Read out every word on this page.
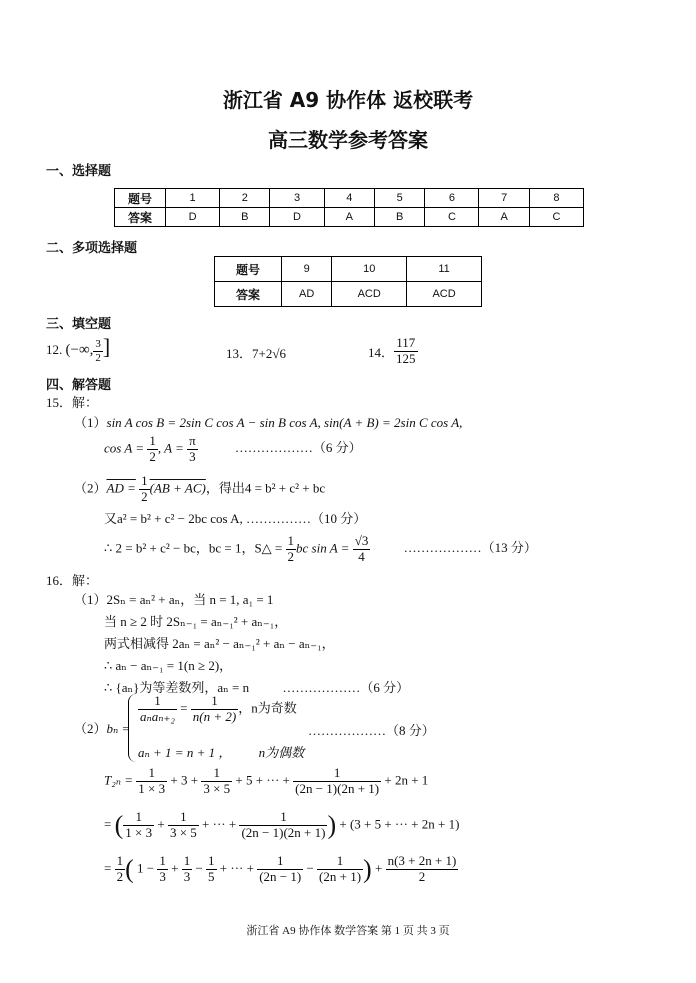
浙江省 A9 协作体 返校联考
高三数学参考答案
一、选择题
题号	1	2	3	4	5	6	7	8
答案	D	B	D	A	B	C	A	C
二、多项选择题
题号	9	10	11
答案	AD	ACD	ACD
三、填空题
12. (−∞, $\frac{3}{2}$ ]	13．7+2√6	14． $\frac{117}{125}$
四、解答题
15．解：
（1）sin A cos B = 2sin C cos A − sin B cos A, sin(A + B) = 2sin C cos A,
$\cos A = \frac{1}{2}$ , $A = \frac{\pi}{3}$	………………（6 分）
$(2)AD = \frac{1}{2} (AB + AC)$，得出4 = b² + c² + bc
又a² = b² + c² − 2bc cos A, ……………（10 分）
∴ 2 = b² + c² − bc，bc = 1，S△ = $\frac{1}{2}$ bc $\sin A = \frac{√3}{4}$	………………（13 分）
16．解：
（1）2Sₙ = aₙ² + aₙ，当 n = 1, a₁ = 1
当 n ≥ 2 时 2Sₙ₋₁ = aₙ₋₁² + aₙ₋₁，
两式相减得 2aₙ = aₙ² − aₙ₋₁² + aₙ − aₙ₋₁，
∴ aₙ − aₙ₋₁ = 1(n ≥ 2)，
∴ {aₙ}为等差数列，aₙ = n	………………（6 分）
（2）bₙ =
$\frac{1}{\text{aₙaₙ₊₂}} = \frac{1}{n(n + 2)}$ ，n为奇数
………………（8 分）
aₙ + 1 = n + 1 ， n为偶数
$T_{2n} = \frac{1}{1 \times 3} + 3 + \frac{1}{3 \times 5} + 5$ + ··· + $\frac{1}{(2n - 1)(2n + 1)} + 2n + 1$
= ( $\frac{1}{1 \times 3} + \frac{1}{3 \times 5}$ + ··· + $\frac{1}{(2n - 1)(2n + 1)}$ ) + (3 + 5 + ··· + 2n + 1)
= $\frac{1}{2}$ ( $1 - \frac{1}{3} + \frac{1}{3} - \frac{1}{5}$ + ··· + $\frac{1}{(2n - 1)} - \frac{1}{(2n + 1)}$ ) + $\frac{n(3 + 2n + 1)}{2}$
浙江省 A9 协作体 数学答案 第 1 页 共 3 页
